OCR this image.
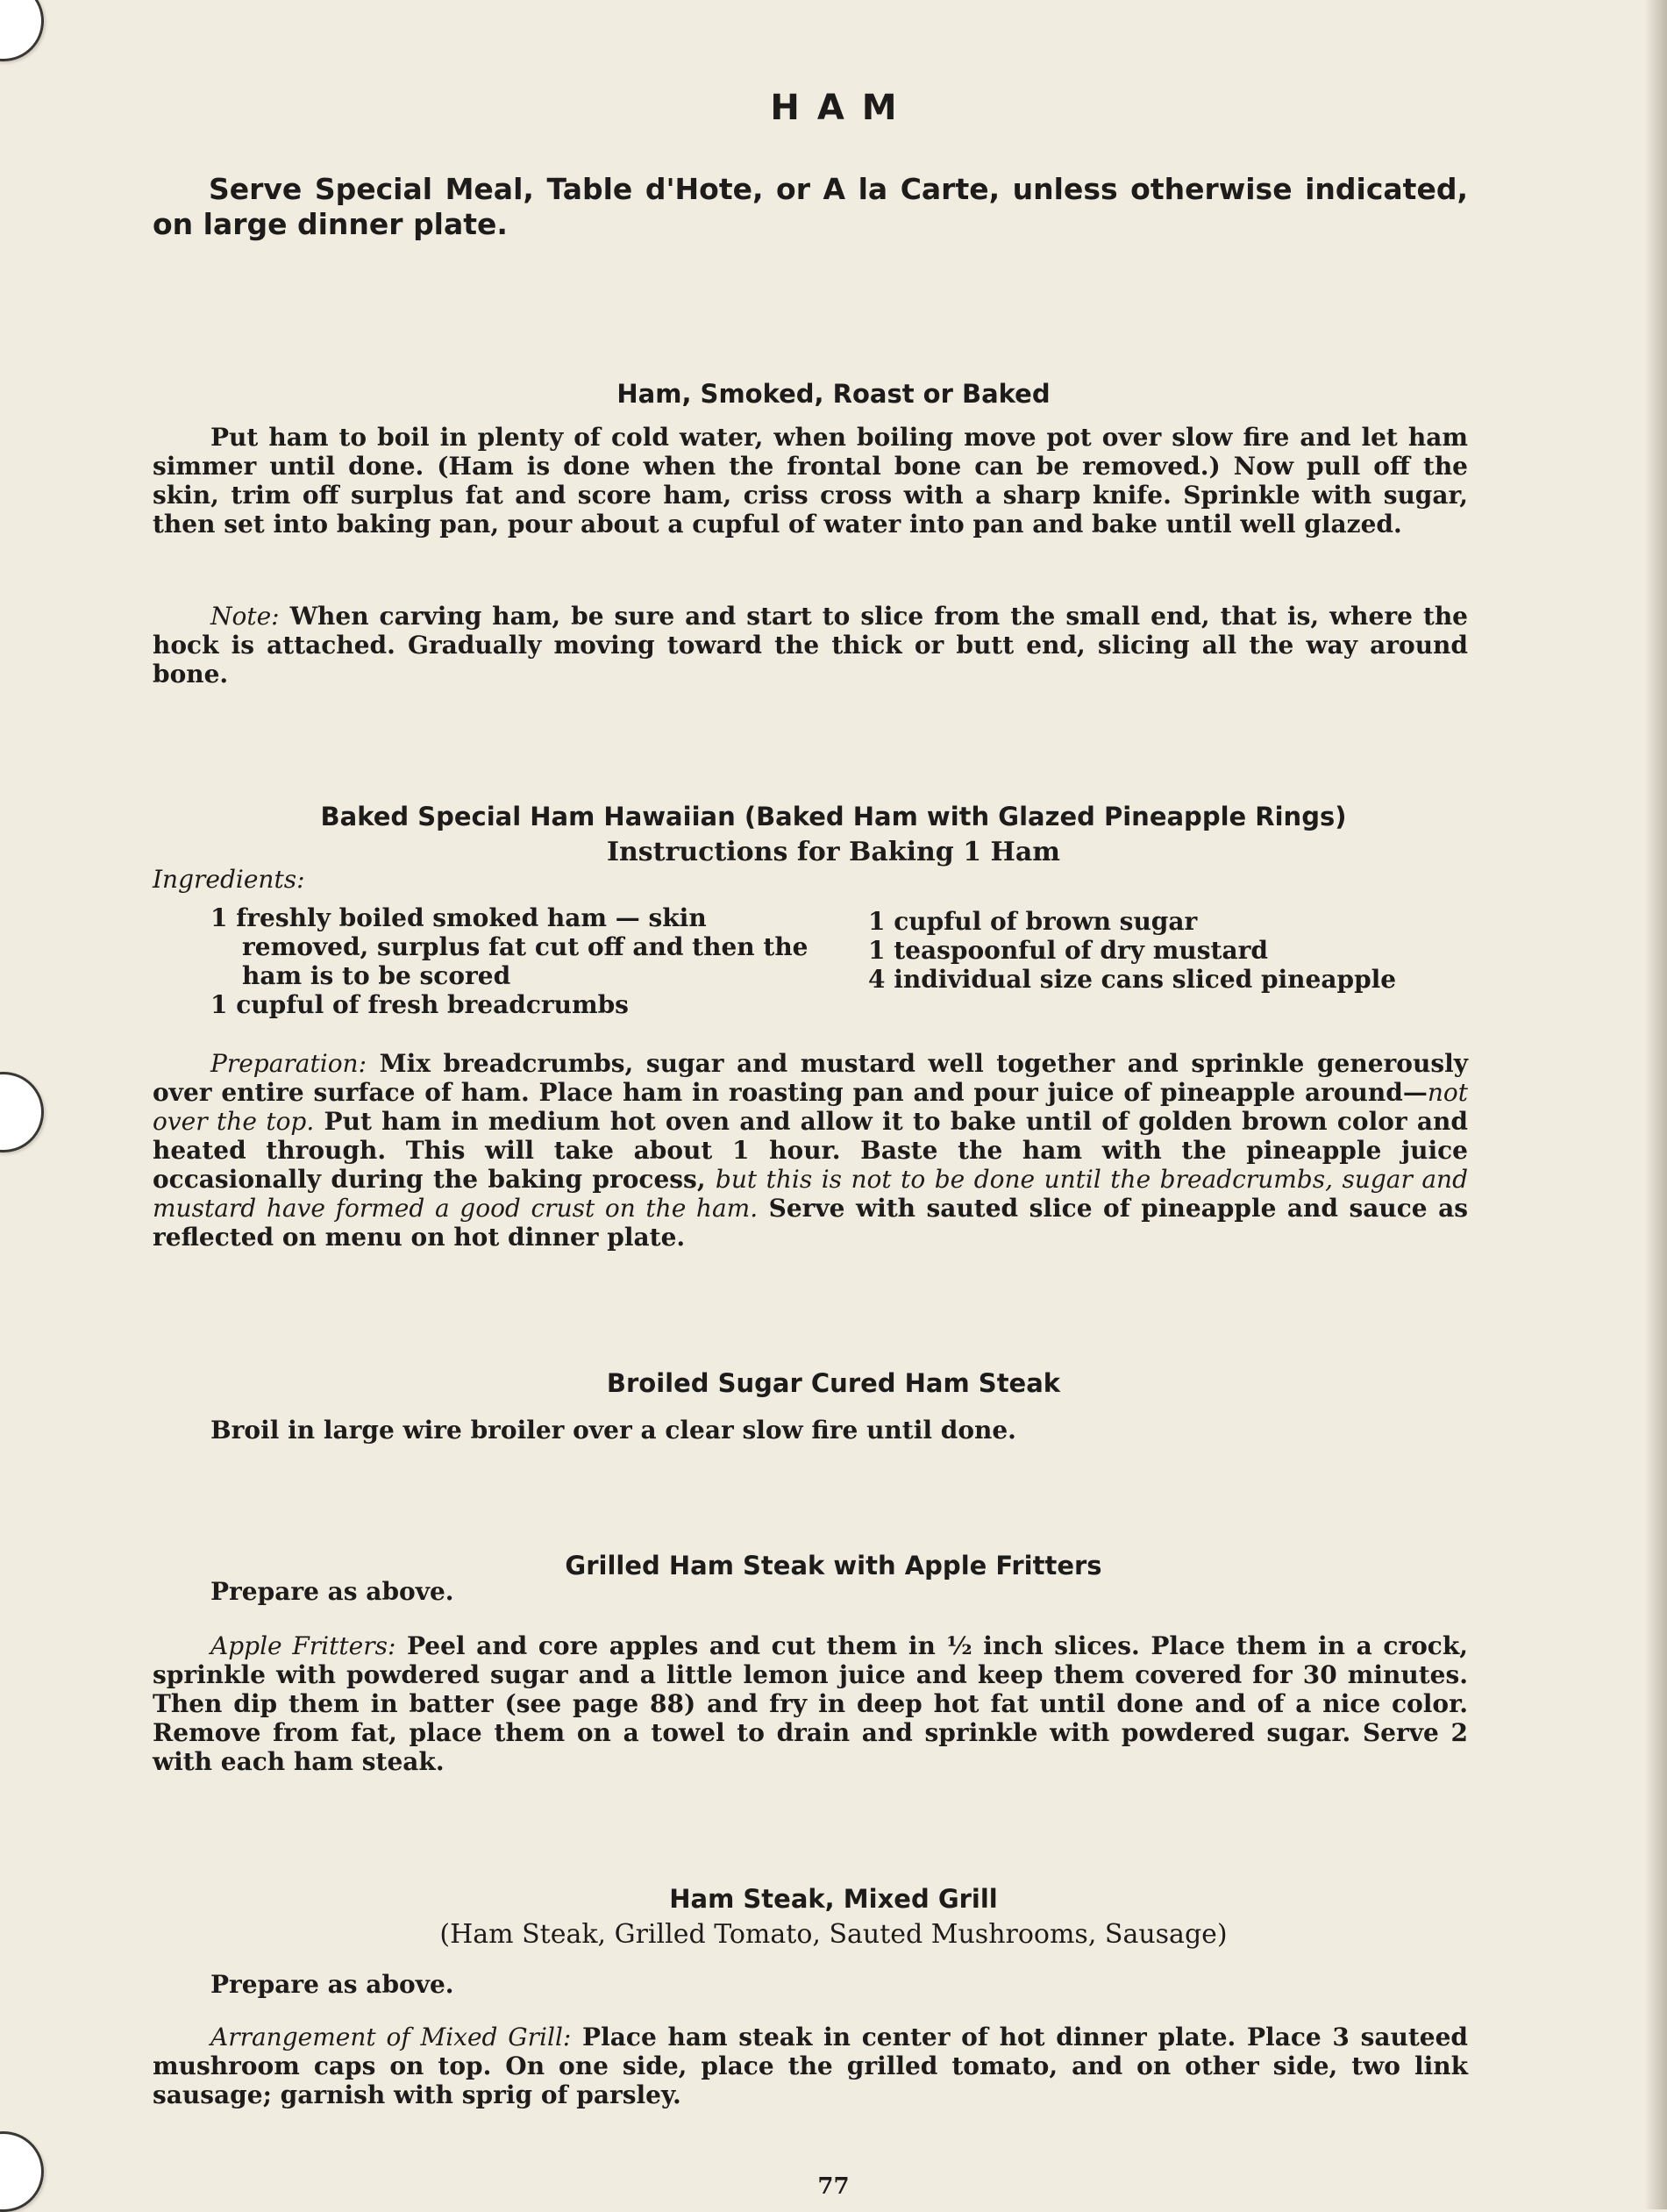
HAM
Serve Special Meal, Table d'Hote, or A la Carte, unless otherwise indicated,
on large dinner plate.
Ham, Smoked, Roast or Baked

Put ham to boil in plenty of cold water, when boiling move pot over slow fire and let ham simmer until done. (Ham is done when the frontal bone can be removed.) Now pull off the skin, trim off surplus fat and score ham, criss cross with a sharp knife. Sprinkle with sugar, then set into baking pan, pour about a cupful of water into pan and bake until well glazed.

Note: When carving ham, be sure and start to slice from the small end, that is, where the hock is attached. Gradually moving toward the thick or butt end, slicing all the way around bone.

Baked Special Ham Hawaiian (Baked Ham with Glazed Pineapple Rings)
Instructions for Baking 1 Ham
Ingredients:
1 freshly boiled smoked ham — skin removed, surplus fat cut off and then the ham is to be scored
1 cupful of fresh breadcrumbs
1 cupful of brown sugar
1 teaspoonful of dry mustard
4 individual size cans sliced pineapple

Preparation: Mix breadcrumbs, sugar and mustard well together and sprinkle generously over entire surface of ham. Place ham in roasting pan and pour juice of pineapple around—not over the top. Put ham in medium hot oven and allow it to bake until of golden brown color and heated through. This will take about 1 hour. Baste the ham with the pineapple juice occasionally during the baking process, but this is not to be done until the breadcrumbs, sugar and mustard have formed a good crust on the ham. Serve with sauted slice of pineapple and sauce as reflected on menu on hot dinner plate.

Broiled Sugar Cured Ham Steak

Broil in large wire broiler over a clear slow fire until done.

Grilled Ham Steak with Apple Fritters

Prepare as above.

Apple Fritters: Peel and core apples and cut them in ½ inch slices. Place them in a crock, sprinkle with powdered sugar and a little lemon juice and keep them covered for 30 minutes. Then dip them in batter (see page 88) and fry in deep hot fat until done and of a nice color. Remove from fat, place them on a towel to drain and sprinkle with powdered sugar. Serve 2 with each ham steak.

Ham Steak, Mixed Grill
(Ham Steak, Grilled Tomato, Sauted Mushrooms, Sausage)

Prepare as above.

Arrangement of Mixed Grill: Place ham steak in center of hot dinner plate. Place 3 sauteed mushroom caps on top. On one side, place the grilled tomato, and on other side, two link sausage; garnish with sprig of parsley.

77
